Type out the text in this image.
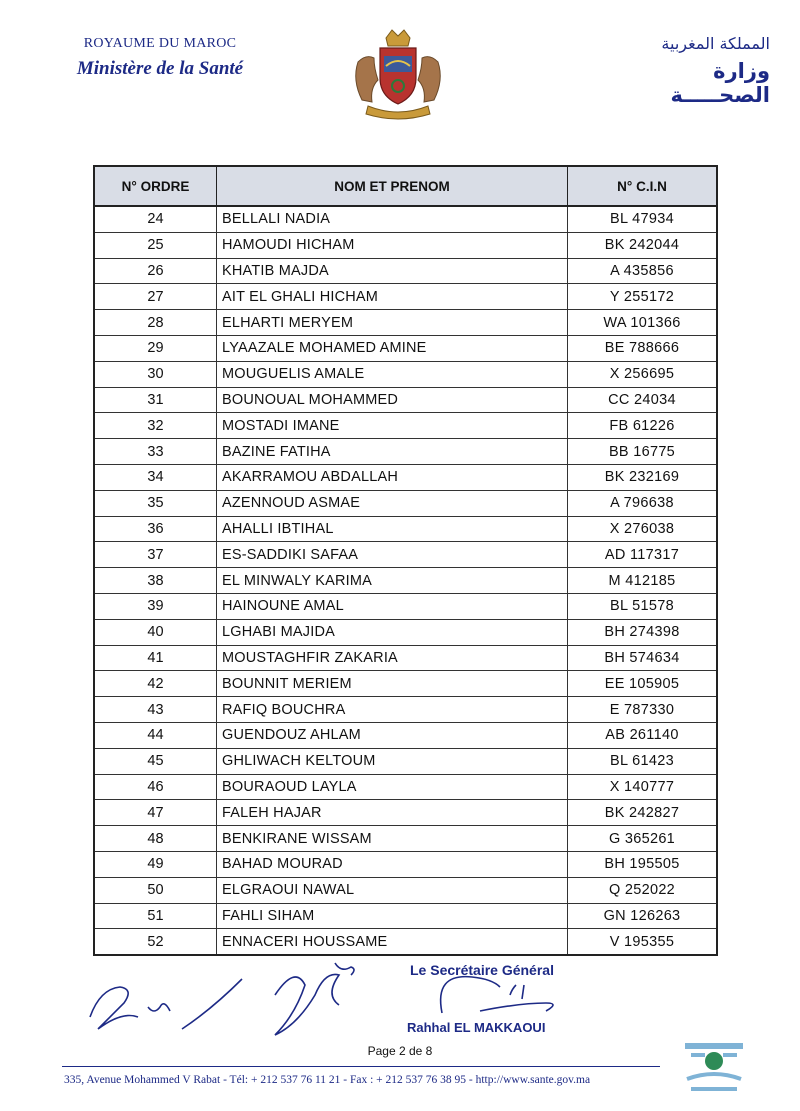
ROYAUME DU MAROC
Ministère de la Santé
المملكة المغربية
وزارة الصحـــــة
N° ORDRE	NOM ET PRENOM	N° C.I.N
24	BELLALI NADIA	BL 47934
25	HAMOUDI HICHAM	BK 242044
26	KHATIB MAJDA	A 435856
27	AIT EL GHALI HICHAM	Y 255172
28	ELHARTI MERYEM	WA 101366
29	LYAAZALE MOHAMED AMINE	BE 788666
30	MOUGUELIS AMALE	X 256695
31	BOUNOUAL MOHAMMED	CC 24034
32	MOSTADI IMANE	FB 61226
33	BAZINE FATIHA	BB 16775
34	AKARRAMOU ABDALLAH	BK 232169
35	AZENNOUD ASMAE	A 796638
36	AHALLI IBTIHAL	X 276038
37	ES-SADDIKI SAFAA	AD 117317
38	EL MINWALY KARIMA	M 412185
39	HAINOUNE AMAL	BL 51578
40	LGHABI MAJIDA	BH 274398
41	MOUSTAGHFIR ZAKARIA	BH 574634
42	BOUNNIT MERIEM	EE 105905
43	RAFIQ BOUCHRA	E 787330
44	GUENDOUZ AHLAM	AB 261140
45	GHLIWACH KELTOUM	BL 61423
46	BOURAOUD LAYLA	X 140777
47	FALEH HAJAR	BK 242827
48	BENKIRANE WISSAM	G 365261
49	BAHAD MOURAD	BH 195505
50	ELGRAOUI NAWAL	Q 252022
51	FAHLI SIHAM	GN 126263
52	ENNACERI HOUSSAME	V 195355
Le Secrétaire Général
Rahhal EL MAKKAOUI
Page 2 de 8
335, Avenue Mohammed V Rabat - Tél: + 212 537 76 11 21 - Fax : + 212 537 76 38 95 - http://www.sante.gov.ma
